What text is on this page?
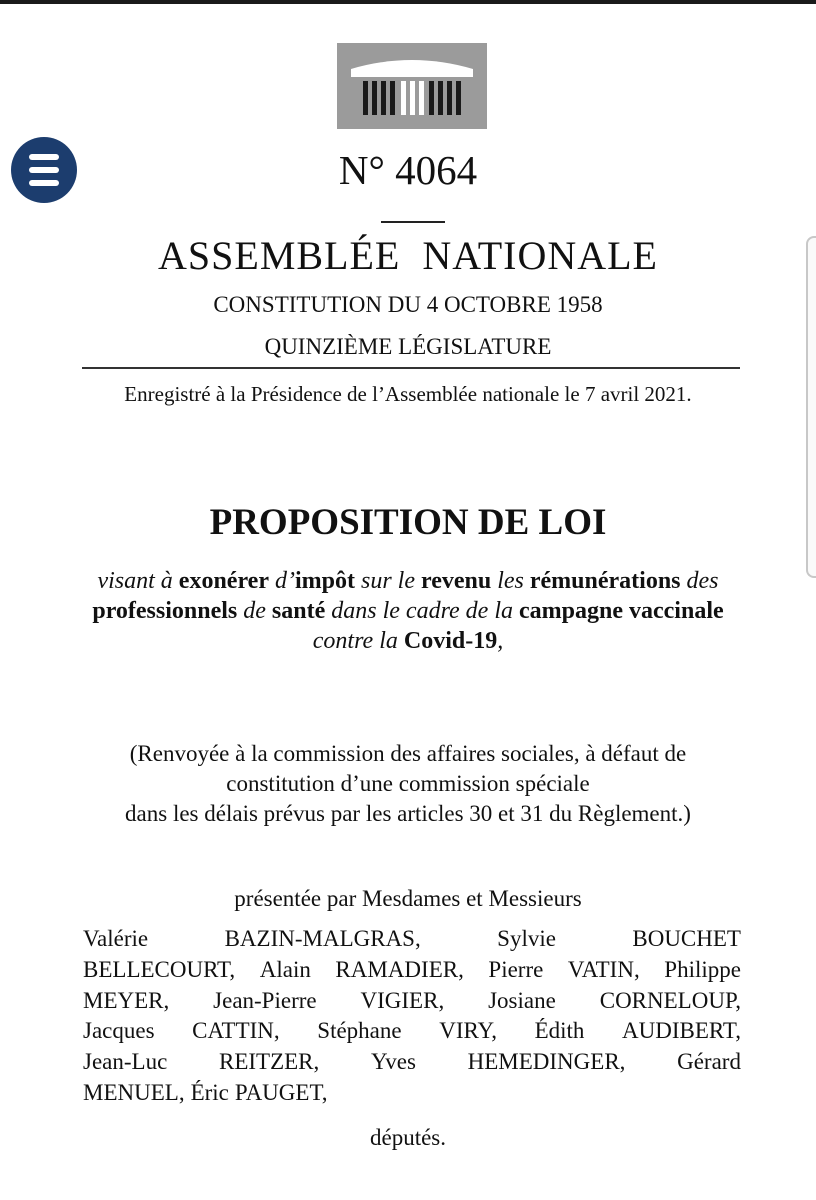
N° 4064
ASSEMBLÉE  NATIONALE
CONSTITUTION DU 4 OCTOBRE 1958
QUINZIÈME LÉGISLATURE
Enregistré à la Présidence de l’Assemblée nationale le 7 avril 2021.
PROPOSITION DE LOI
visant à exonérer d’impôt sur le revenu les rémunérations des professionnels de santé dans le cadre de la campagne vaccinale contre la Covid-19,
(Renvoyée à la commission des affaires sociales, à défaut de
constitution d’une commission spéciale
dans les délais prévus par les articles 30 et 31 du Règlement.)
présentée par Mesdames et Messieurs
Valérie	BAZIN-MALGRAS,	Sylvie	BOUCHET
BELLECOURT, Alain RAMADIER, Pierre VATIN, Philippe
MEYER, Jean-Pierre VIGIER, Josiane CORNELOUP,
Jacques CATTIN, Stéphane VIRY, Édith AUDIBERT,
Jean-Luc REITZER, Yves HEMEDINGER, Gérard
MENUEL, Éric PAUGET,
députés.
